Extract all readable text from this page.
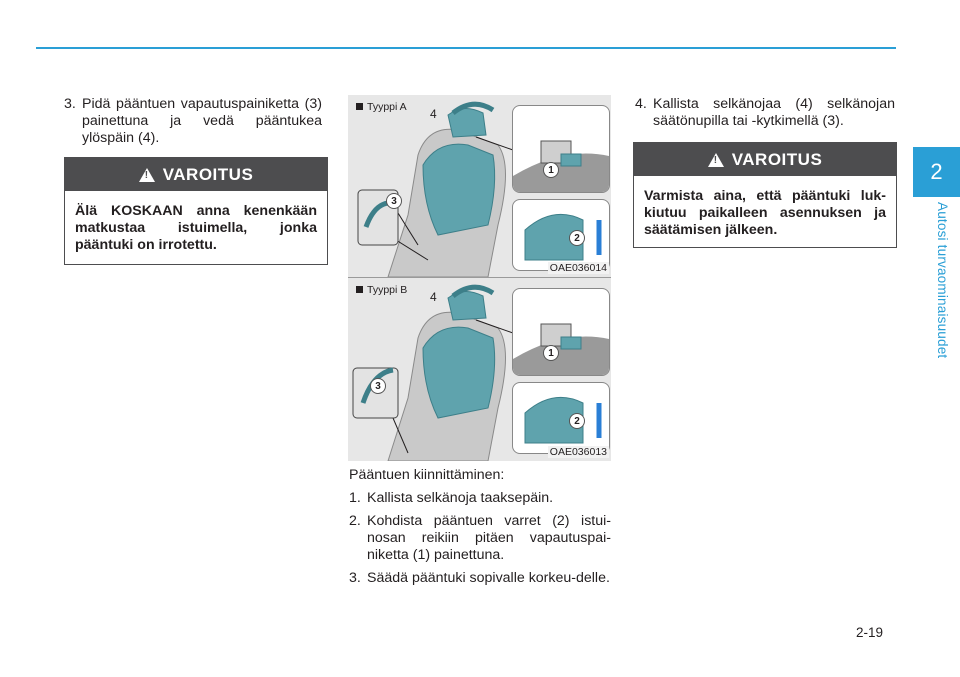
2
Autosi turvaominaisuudet
3. Pidä pääntuen vapautuspainiketta (3) painettuna ja vedä pääntukea ylöspäin (4).
!
VAROITUS
Älä KOSKAAN anna kenenkään matkustaa istuimella, jonka pääntuki on irrotettu.
Tyyppi A 4
3
1
2
OAE036014
Tyyppi B 4
3
1
2
OAE036013
Pääntuen kiinnittäminen:
1. Kallista selkänoja taaksepäin.
2. Kohdista pääntuen varret (2) istui-nosan reikiin pitäen vapautuspai-niketta (1) painettuna.
3. Säädä pääntuki sopivalle korkeu-delle.
4. Kallista selkänojaa (4) selkänojan säätönupilla tai -kytkimellä (3).
!
VAROITUS
Varmista aina, että pääntuki luk-kiutuu paikalleen asennuksen ja säätämisen jälkeen.
2-19
